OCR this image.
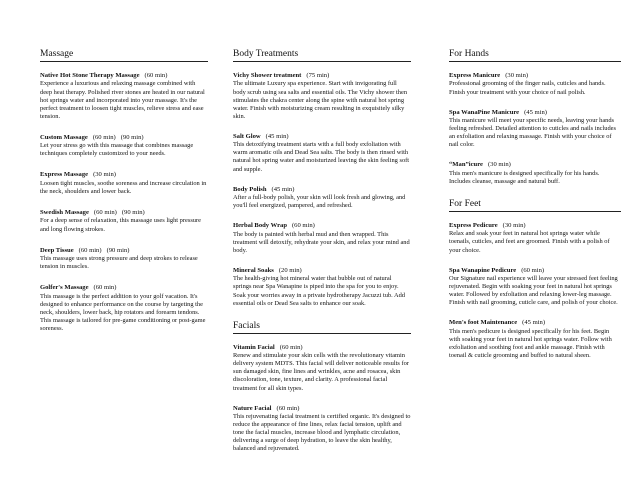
Massage
Native Hot Stone Therapy Massage (60 min)
Experience a luxurious and relaxing massage combined with deep heat therapy. Polished river stones are heated in our natural hot springs water and incorporated into your massage. It's the perfect treatment to loosen tight muscles, relieve stress and ease tension.
Custom Massage (60 min) (90 min)
Let your stress go with this massage that combines massage techniques completely customized to your needs.
Express Massage (30 min)
Loosen tight muscles, soothe soreness and increase circulation in the neck, shoulders and lower back.
Swedish Massage (60 min) (90 min)
For a deep sense of relaxation, this massage uses light pressure and long flowing strokes.
Deep Tissue (60 min) (90 min)
This massage uses strong pressure and deep strokes to release tension in muscles.
Golfer's Massage (60 min)
This massage is the perfect addition to your golf vacation. It's designed to enhance performance on the course by targeting the neck, shoulders, lower back, hip rotators and forearm tendons. This massage is tailored for pre-game conditioning or post-game soreness.
Body Treatments
Vichy Shower treatment (75 min)
The ultimate Luxury spa experience. Start with invigorating full body scrub using sea salts and essential oils. The Vichy shower then stimulates the chakra center along the spine with natural hot spring water. Finish with moisturizing cream resulting in exquisitely silky skin.
Salt Glow (45 min)
This detoxifying treatment starts with a full body exfoliation with warm aromatic oils and Dead Sea salts. The body is then rinsed with natural hot spring water and moisturized leaving the skin feeling soft and supple.
Body Polish (45 min)
After a full-body polish, your skin will look fresh and glowing, and you'll feel energized, pampered, and refreshed.
Herbal Body Wrap (60 min)
The body is painted with herbal mud and then wrapped. This treatment will detoxify, rehydrate your skin, and relax your mind and body.
Mineral Soaks (20 min)
The health-giving hot mineral water that bubble out of natural springs near Spa Wanapine is piped into the spa for you to enjoy. Soak your worries away in a private hydrotherapy Jacuzzi tub. Add essential oils or Dead Sea salts to enhance our soak.
Facials
Vitamin Facial (60 min)
Renew and stimulate your skin cells with the revolutionary vitamin delivery system MDTS. This facial will deliver noticeable results for sun damaged skin, fine lines and wrinkles, acne and rosacea, skin discoloration, tone, texture, and clarity. A professional facial treatment for all skin types.
Nature Facial (60 min)
This rejuvenating facial treatment is certified organic. It's designed to reduce the appearance of fine lines, relax facial tension, uplift and tone the facial muscles, increase blood and lymphatic circulation, delivering a surge of deep hydration, to leave the skin healthy, balanced and rejuvenated.
For Hands
Express Manicure (30 min)
Professional grooming of the finger nails, cuticles and hands. Finish your treatment with your choice of nail polish.
Spa WanaPine Manicure (45 min)
This manicure will meet your specific needs, leaving your hands feeling refreshed. Detailed attention to cuticles and nails includes an exfoliation and relaxing massage. Finish with your choice of nail color.
“Man”icure (30 min)
This men's manicure is designed specifically for his hands. Includes cleanse, massage and natural buff.
For Feet
Express Pedicure (30 min)
Relax and soak your feet in natural hot springs water while toenails, cuticles, and feet are groomed. Finish with a polish of your choice.
Spa Wanapine Pedicure (60 min)
Our Signature nail experience will leave your stressed feet feeling rejuvenated. Begin with soaking your feet in natural hot springs water. Followed by exfoliation and relaxing lower-leg massage. Finish with nail grooming, cuticle care, and polish of your choice.
Men's foot Maintenance (45 min)
This men's pedicure is designed specifically for his feet. Begin with soaking your feet in natural hot springs water. Follow with exfoliation and soothing foot and ankle massage. Finish with toenail & cuticle grooming and buffed to natural sheen.
